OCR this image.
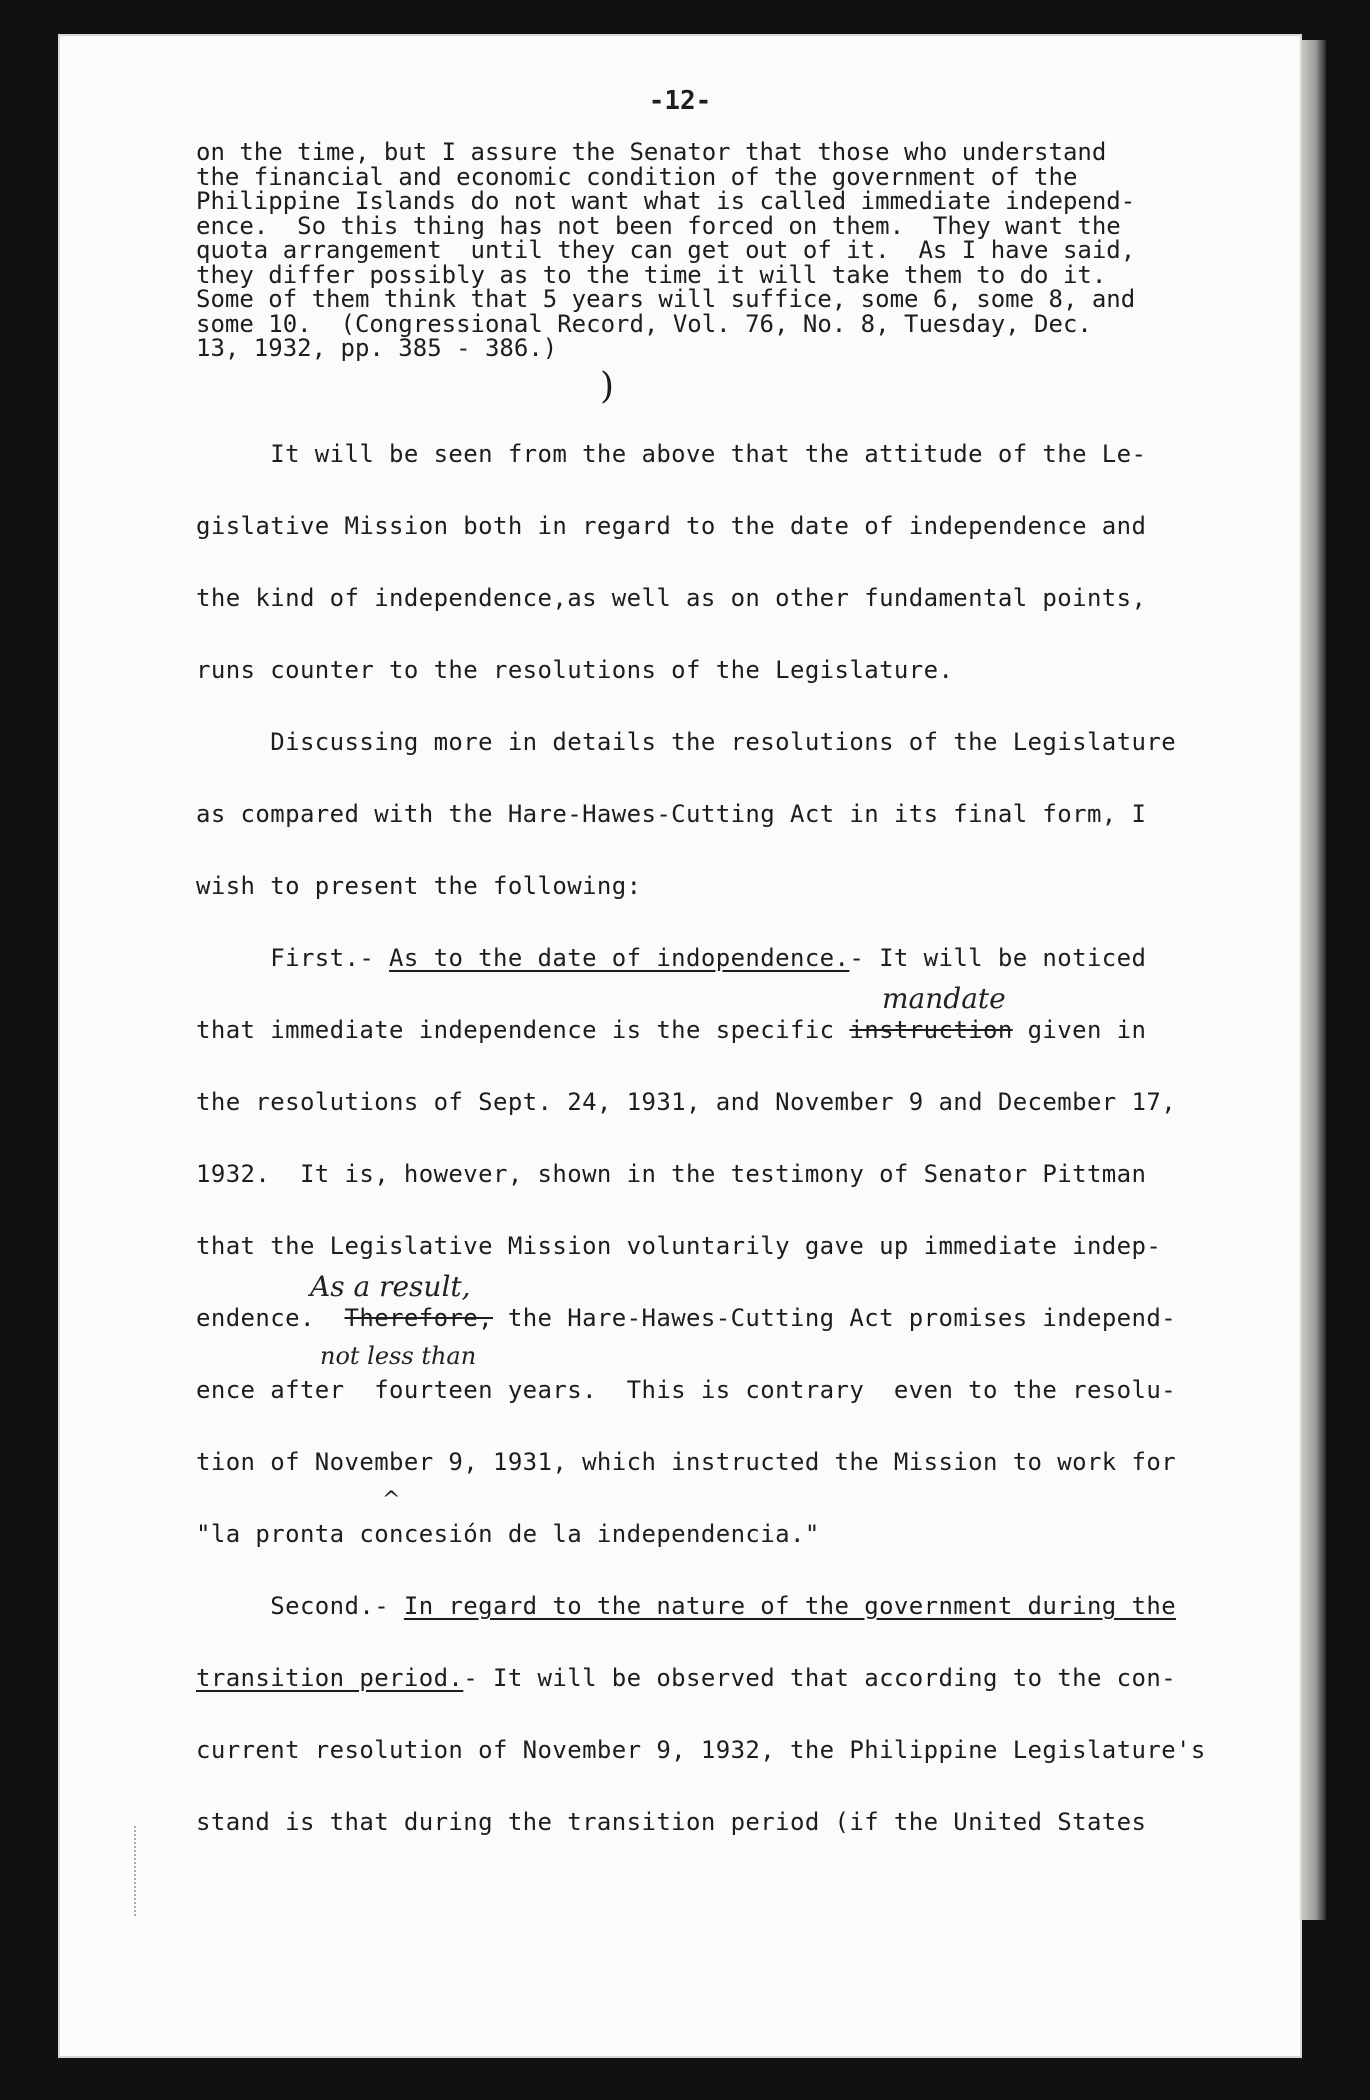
-12-
on the time, but I assure the Senator that those who understand
the financial and economic condition of the government of the
Philippine Islands do not want what is called immediate independ-
ence.  So this thing has not been forced on them.  They want the
quota arrangement  until they can get out of it.  As I have said,
they differ possibly as to the time it will take them to do it.
Some of them think that 5 years will suffice, some 6, some 8, and
some 10.  (Congressional Record, Vol. 76, No. 8, Tuesday, Dec.
13, 1932, pp. 385 - 386.)
)
It will be seen from the above that the attitude of the Le-
gislative Mission both in regard to the date of independence and
the kind of independence,as well as on other fundamental points,
runs counter to the resolutions of the Legislature.
Discussing more in details the resolutions of the Legislature
as compared with the Hare-Hawes-Cutting Act in its final form, I
wish to present the following:
First.- As to the date of indopendence.- It will be noticed
mandate
that immediate independence is the specific instruction given in
the resolutions of Sept. 24, 1931, and November 9 and December 17,
1932.  It is, however, shown in the testimony of Senator Pittman
that the Legislative Mission voluntarily gave up immediate indep-
As a result,
endence.  Therefore, the Hare-Hawes-Cutting Act promises independ-
not less than
ence after  fourteen years.  This is contrary  even to the resolu-
^
tion of November 9, 1931, which instructed the Mission to work for
"la pronta concesión de la independencia."
Second.- In regard to the nature of the government during the
transition period.- It will be observed that according to the con-
current resolution of November 9, 1932, the Philippine Legislature's
stand is that during the transition period (if the United States
